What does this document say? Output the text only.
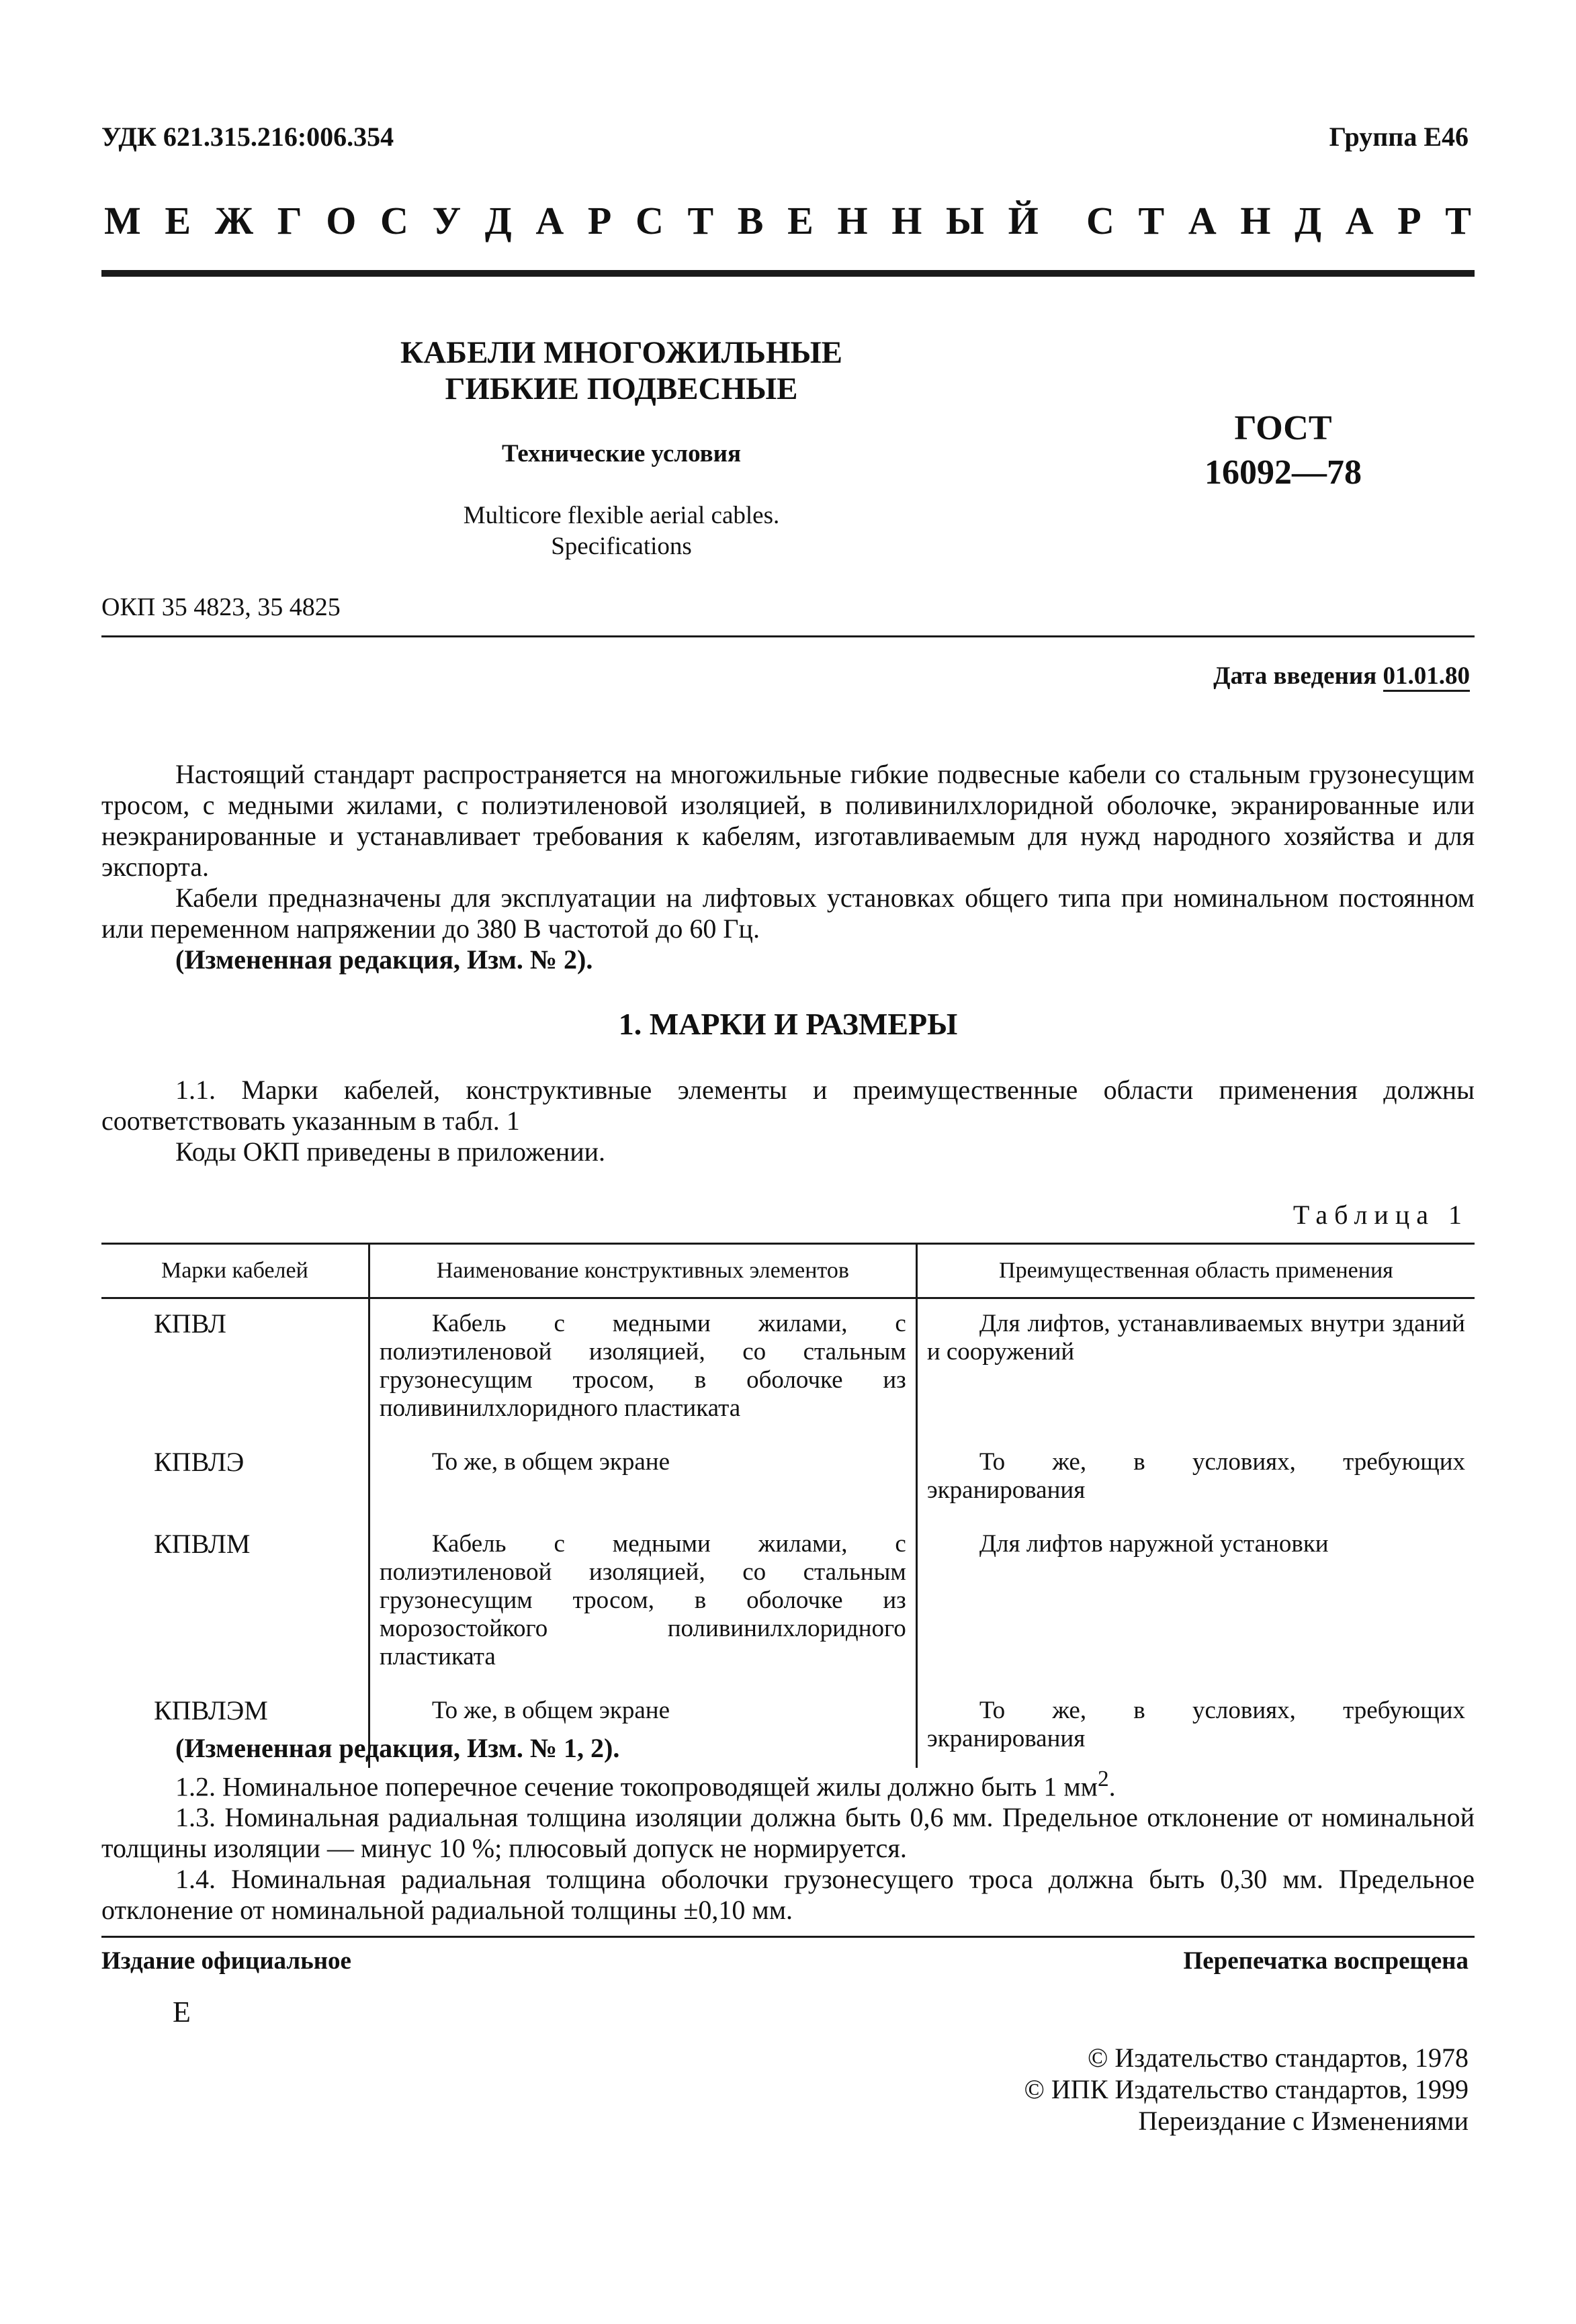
УДК 621.315.216:006.354	Группа Е46
М Е Ж Г О С У Д А Р С Т В Е Н Н Ы Й С Т А Н Д А Р Т
КАБЕЛИ МНОГОЖИЛЬНЫЕ
ГИБКИЕ ПОДВЕСНЫЕ
Технические условия
Multicore flexible aerial cables.
Specifications
ГОСТ
16092—78
ОКП 35 4823, 35 4825
Дата введения 01.01.80

Настоящий стандарт распространяется на многожильные гибкие подвесные кабели со стальным грузонесущим тросом, с медными жилами, с полиэтиленовой изоляцией, в поливинилхлоридной оболочке, экранированные или неэкранированные и устанавливает требования к кабелям, изготавливаемым для нужд народного хозяйства и для экспорта.

Кабели предназначены для эксплуатации на лифтовых установках общего типа при номинальном постоянном или переменном напряжении до 380 В частотой до 60 Гц.

(Измененная редакция, Изм. № 2).

1. МАРКИ И РАЗМЕРЫ

1.1. Марки кабелей, конструктивные элементы и преимущественные области применения должны соответствовать указанным в табл. 1

Коды ОКП приведены в приложении.

Таблица 1
Марки кабелей	Наименование конструктивных элементов	Преимущественная область применения
КПВЛ	Кабель с медными жилами, с полиэтиленовой изоляцией, со стальным грузонесущим тросом, в оболочке из поливинилхлоридного пластиката	Для лифтов, устанавливаемых внутри зданий и сооружений
КПВЛЭ	То же, в общем экране	То же, в условиях, требующих экранирования
КПВЛМ	Кабель с медными жилами, с полиэтиленовой изоляцией, со стальным грузонесущим тросом, в оболочке из морозостойкого поливинилхлоридного пластиката	Для лифтов наружной установки
КПВЛЭМ	То же, в общем экране	То же, в условиях, требующих экранирования

(Измененная редакция, Изм. № 1, 2).

1.2. Номинальное поперечное сечение токопроводящей жилы должно быть 1 $мм^2$.

1.3. Номинальная радиальная толщина изоляции должна быть 0,6 мм. Предельное отклонение от номинальной толщины изоляции — минус 10 %; плюсовый допуск не нормируется.

1.4. Номинальная радиальная толщина оболочки грузонесущего троса должна быть 0,30 мм. Предельное отклонение от номинальной радиальной толщины ±0,10 мм.

Издание официальное	Перепечатка воспрещена
Е
© Издательство стандартов, 1978
© ИПК Издательство стандартов, 1999
Переиздание с Изменениями
